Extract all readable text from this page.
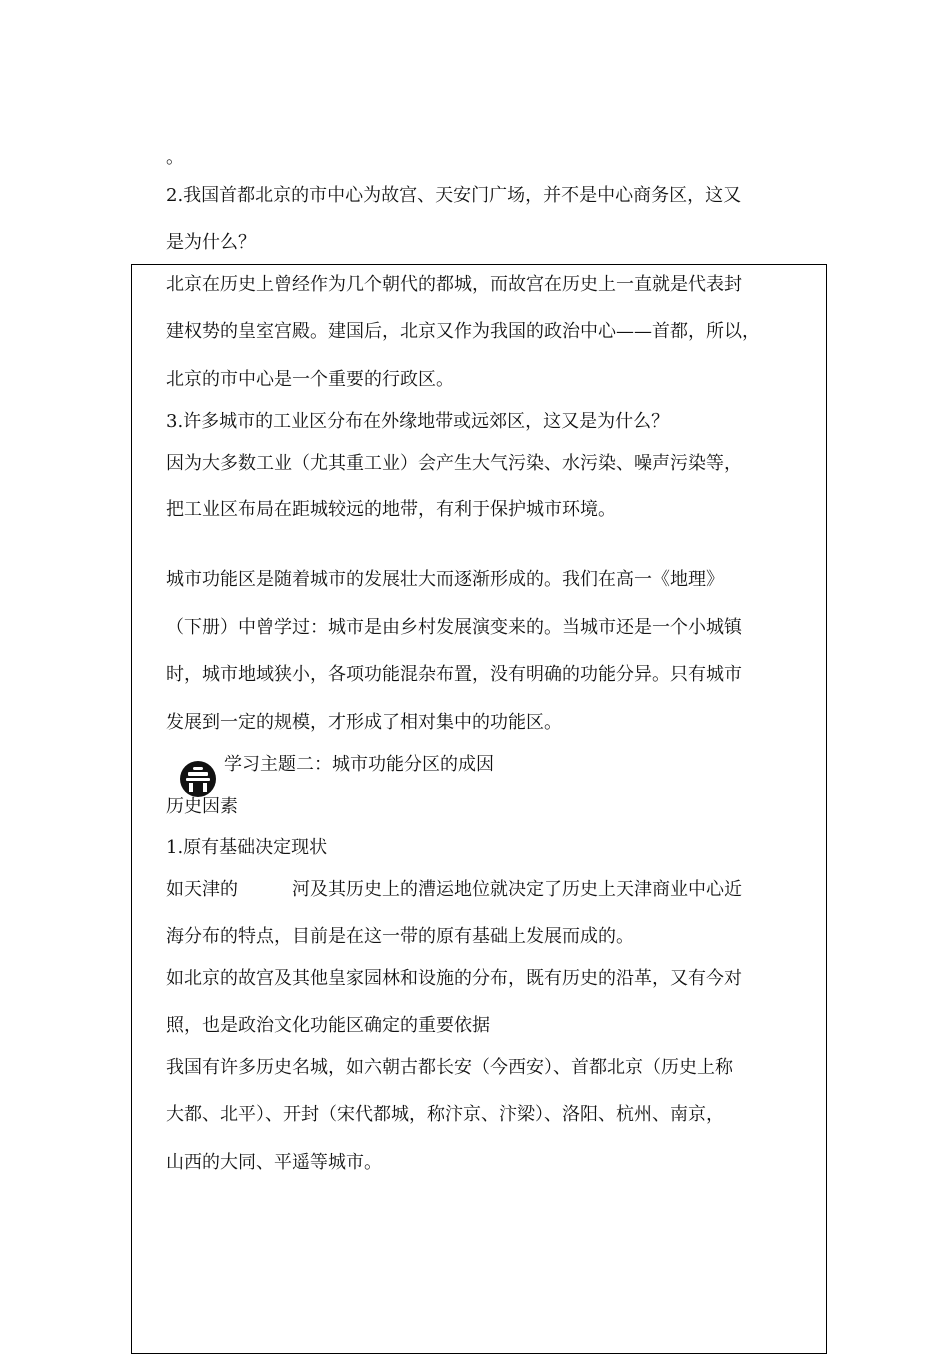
。

2.我国首都北京的市中心为故宫、天安门广场，并不是中心商务区，这又

是为什么？

北京在历史上曾经作为几个朝代的都城，而故宫在历史上一直就是代表封

建权势的皇室宫殿。建国后，北京又作为我国的政治中心——首都，所以，

北京的市中心是一个重要的行政区。

3.许多城市的工业区分布在外缘地带或远郊区，这又是为什么？

因为大多数工业（尤其重工业）会产生大气污染、水污染、噪声污染等，

把工业区布局在距城较远的地带，有利于保护城市环境。

城市功能区是随着城市的发展壮大而逐渐形成的。我们在高一《地理》

（下册）中曾学过：城市是由乡村发展演变来的。当城市还是一个小城镇

时，城市地域狭小，各项功能混杂布置，没有明确的功能分异。只有城市

发展到一定的规模，才形成了相对集中的功能区。

学习主题二：城市功能分区的成因

历史因素

1.原有基础决定现状

如天津的	河及其历史上的漕运地位就决定了历史上天津商业中心近

海分布的特点，目前是在这一带的原有基础上发展而成的。

如北京的故宫及其他皇家园林和设施的分布，既有历史的沿革，又有今对

照，也是政治文化功能区确定的重要依据

我国有许多历史名城，如六朝古都长安（今西安）、首都北京（历史上称

大都、北平）、开封（宋代都城，称汴京、汴梁）、洛阳、杭州、南京，

山西的大同、平遥等城市。
